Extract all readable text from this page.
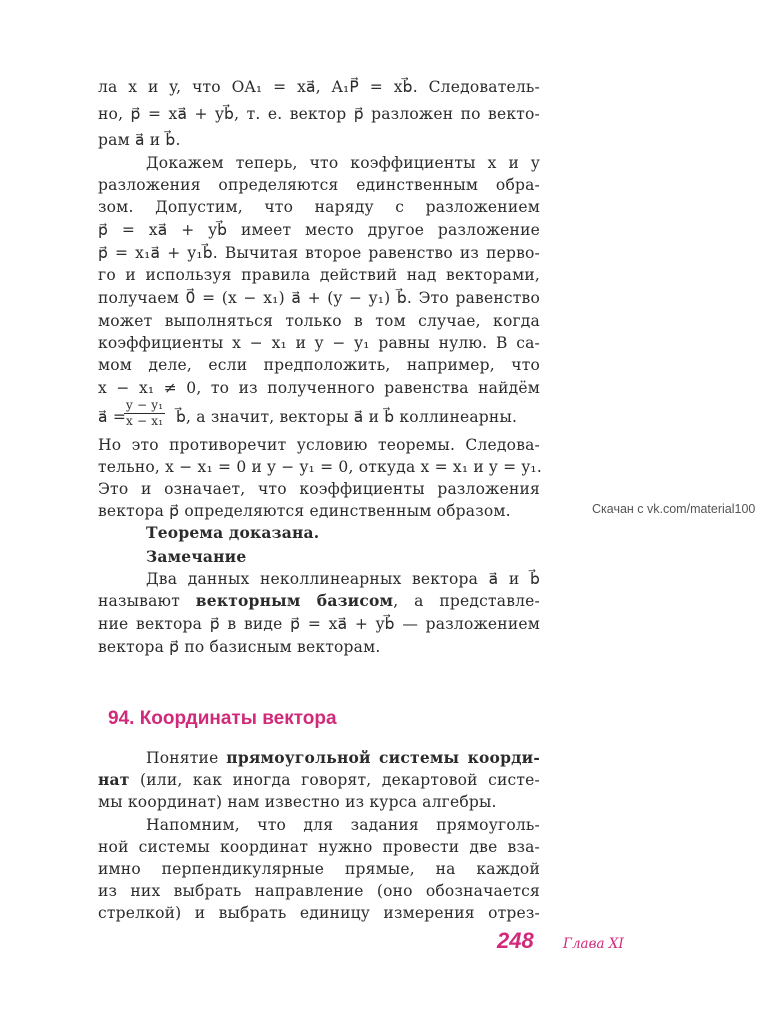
ла x и y, что OA₁ = xa⃗, A₁P⃗ = xb⃗. Следователь-
но, p⃗ = xa⃗ + yb⃗, т. е. вектор p⃗ разложен по векто-
рам a⃗ и b⃗.
Докажем теперь, что коэффициенты x и y
разложения определяются единственным обра-
зом. Допустим, что наряду с разложением
p⃗ = xa⃗ + yb⃗ имеет место другое разложение
p⃗ = x₁a⃗ + y₁b⃗. Вычитая второе равенство из перво-
го и используя правила действий над векторами,
получаем 0⃗ = (x − x₁) a⃗ + (y − y₁) b⃗. Это равенство
может выполняться только в том случае, когда
коэффициенты x − x₁ и y − y₁ равны нулю. В са-
мом деле, если предположить, например, что
x − x₁ ≠ 0, то из полученного равенства найдём
a⃗ =
$\frac{\text{y − y₁}}{\text{x − x₁}}$ b⃗, а значит, векторы a⃗ и b⃗ коллинеарны.
Но это противоречит условию теоремы. Следова-
тельно, x − x₁ = 0 и y − y₁ = 0, откуда x = x₁ и y = y₁.
Это и означает, что коэффициенты разложения
вектора p⃗ определяются единственным образом.	Скачан с vk.com/material100
Теорема доказана.
Замечание
Два данных неколлинеарных вектора a⃗ и b⃗
называют векторным базисом, а представле-
ние вектора p⃗ в виде p⃗ = xa⃗ + yb⃗ — разложением
вектора p⃗ по базисным векторам.
94. Координаты вектора
Понятие прямоугольной системы коорди-
нат (или, как иногда говорят, декартовой систе-
мы координат) нам известно из курса алгебры.
Напомним, что для задания прямоуголь-
ной системы координат нужно провести две вза-
имно перпендикулярные прямые, на каждой
из них выбрать направление (оно обозначается
стрелкой) и выбрать единицу измерения отрез-
248 Глава XI
